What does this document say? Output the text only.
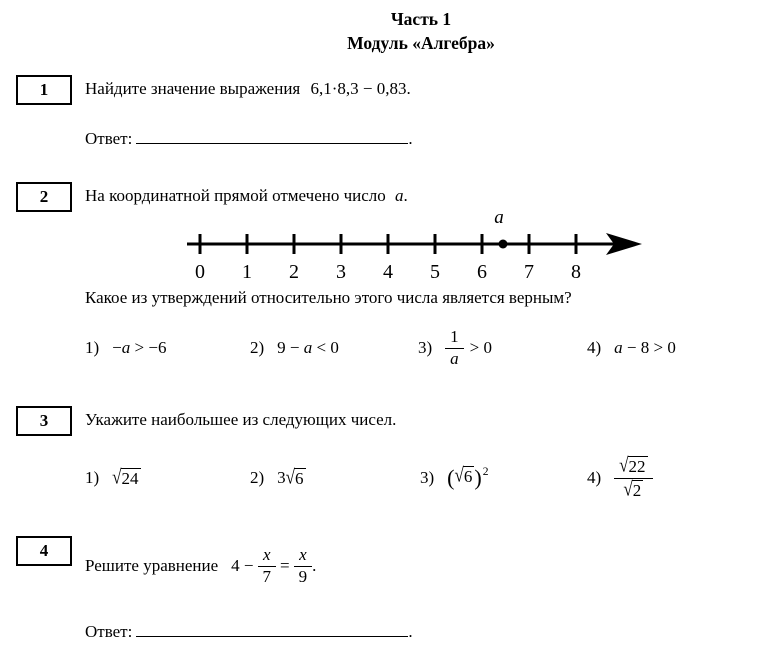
Часть 1
Модуль «Алгебра»
1 Найдите значение выражения 6,1·8,3 − 0,83.
Ответ:	.
2 На координатной прямой отмечено число a.
a
0 1 2 3 4 5 6 7 8
Какое из утверждений относительно этого числа является верным?
1) −a > −6	2) 9 − a < 0	$3) \frac{1}{a} > 0$	4) a − 8 > 0
3 Укажите наибольшее из следующих чисел.
1) √24	2) 3 √6	3) $(√6)^2$	$4) \frac{√22}{√2}$
4
Решите уравнение $4 - \frac{x}{7} = \frac{x}{9}$ .
Ответ:	.
